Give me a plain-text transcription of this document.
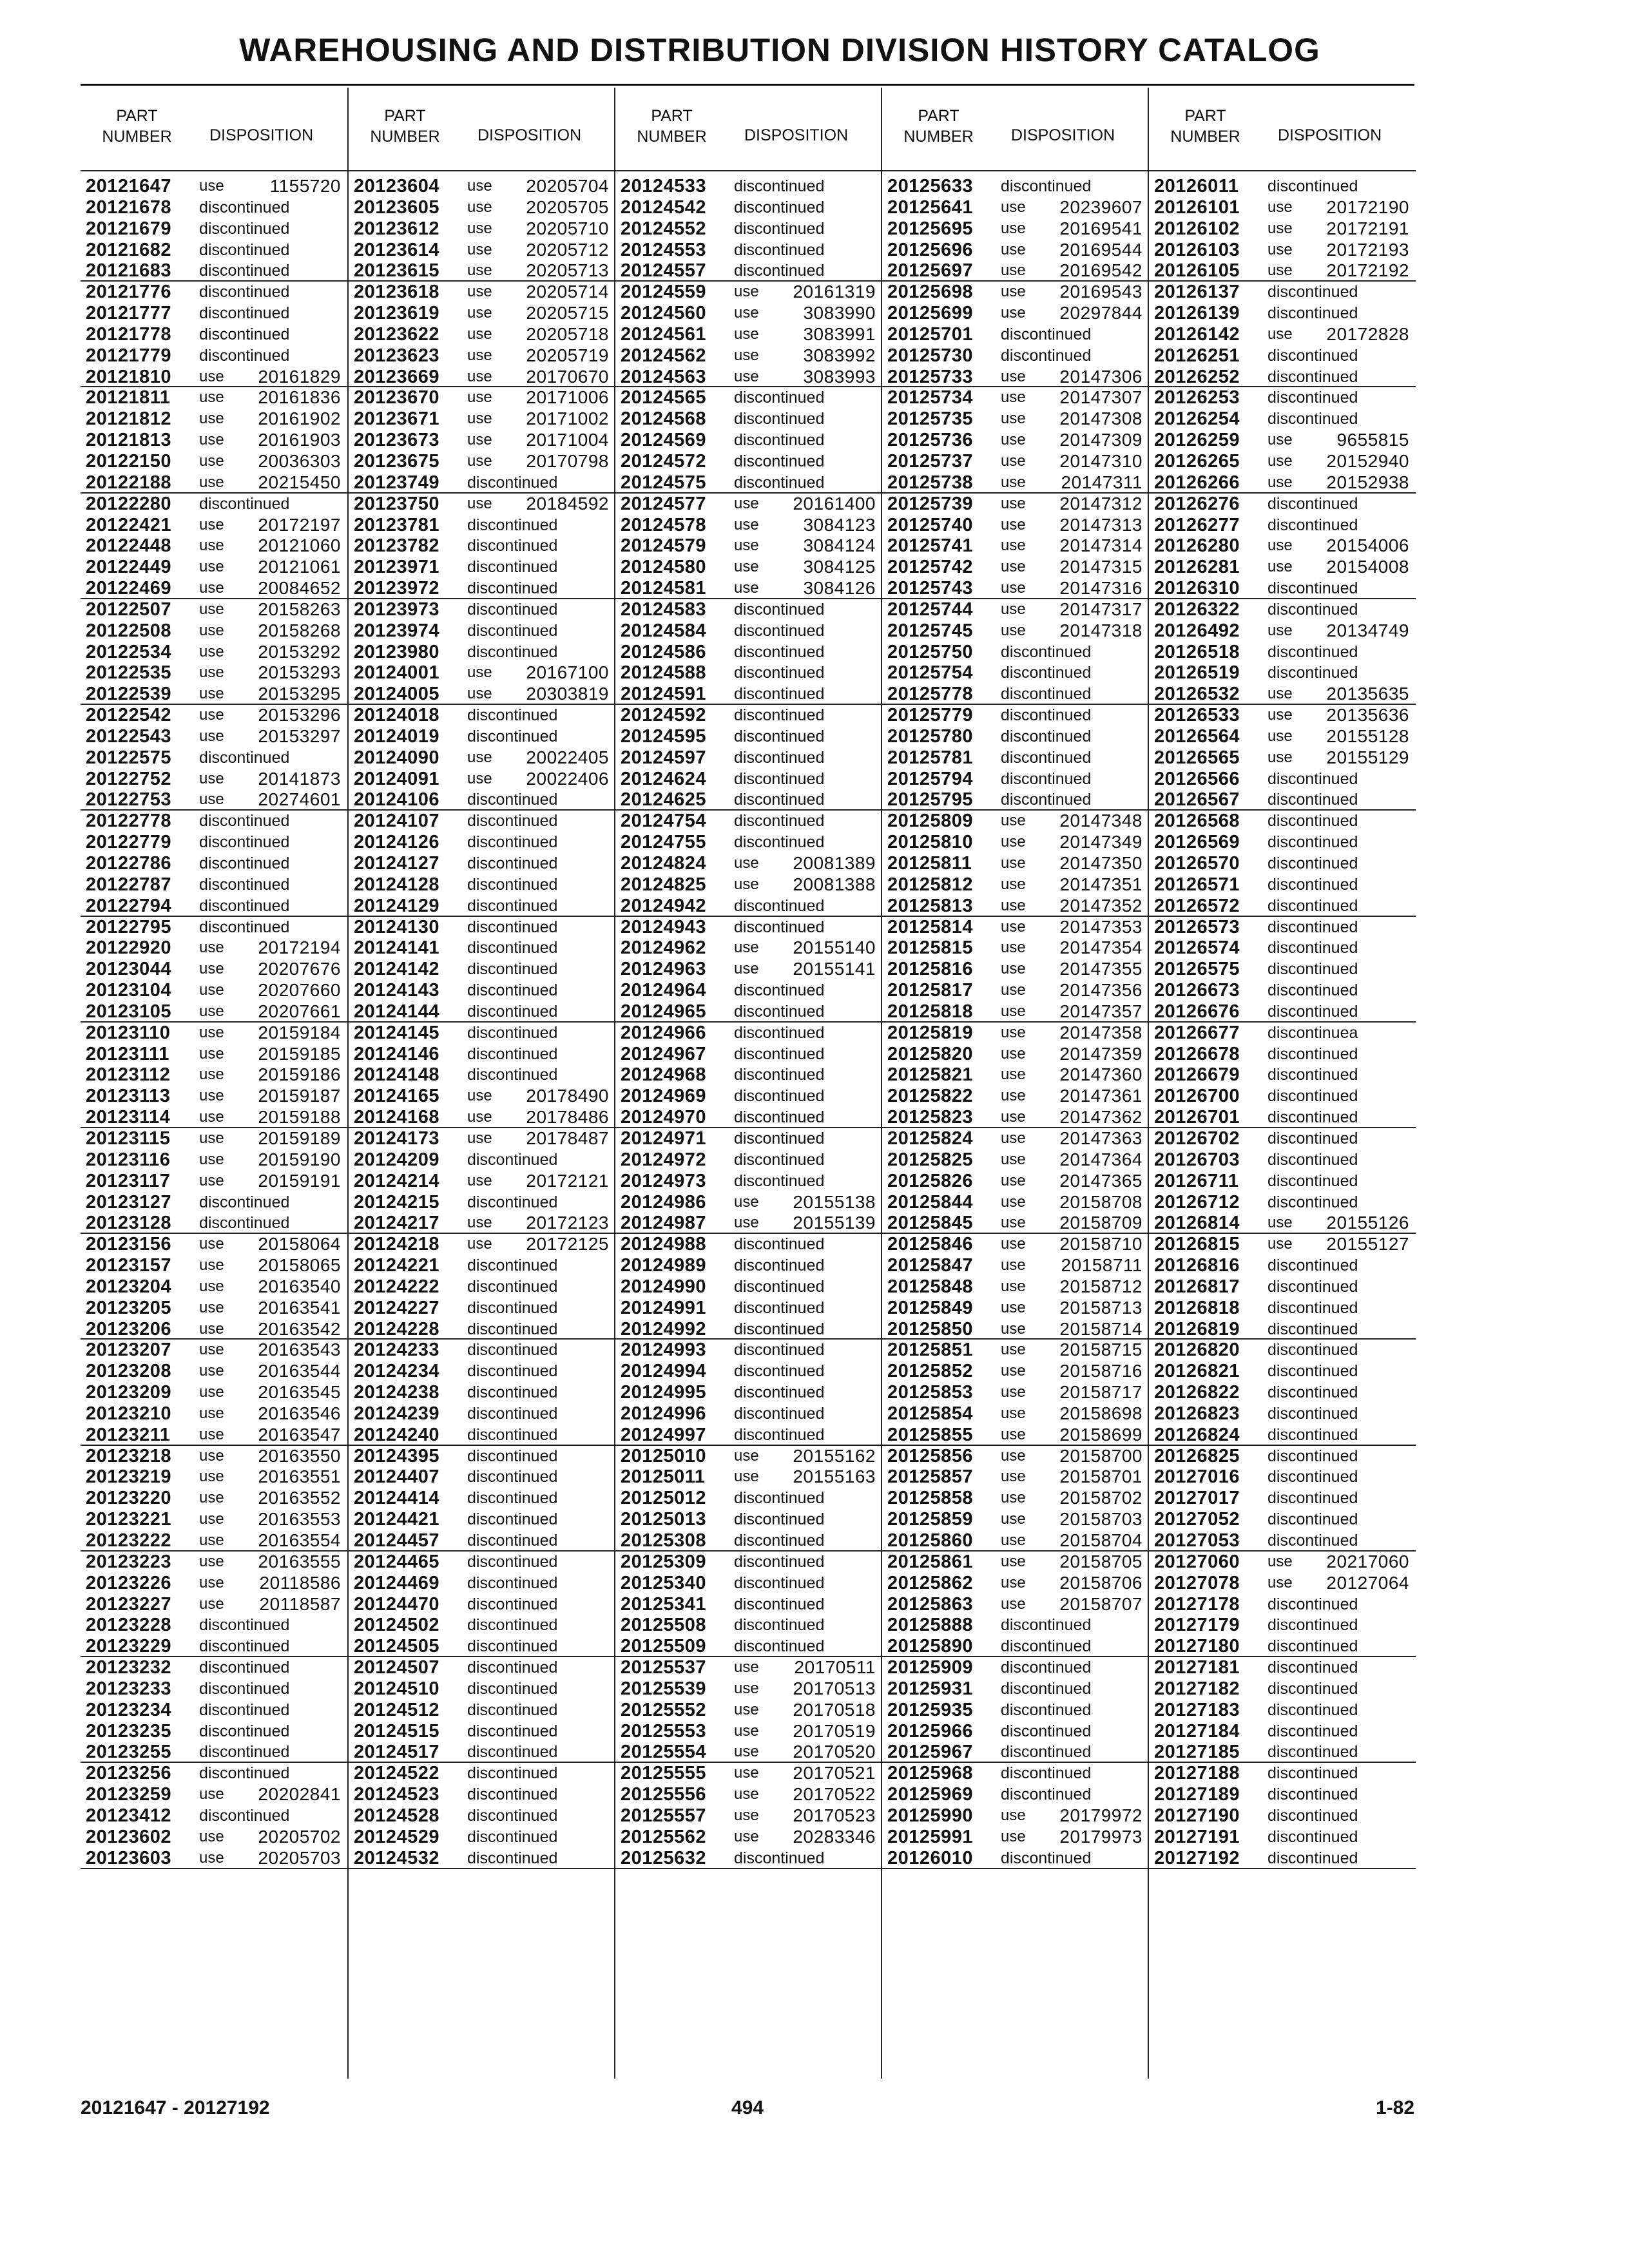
WAREHOUSING AND DISTRIBUTION DIVISION HISTORY CATALOG
PART
NUMBER	DISPOSITION
20121647 use	1155720
20121678 discontinued
20121679 discontinued
20121682 discontinued
20121683 discontinued
20121776 discontinued
20121777 discontinued
20121778 discontinued
20121779 discontinued
20121810 use 20161829
20121811 use 20161836
20121812 use 20161902
20121813 use 20161903
20122150 use 20036303
20122188 use 20215450
20122280 discontinued
20122421 use 20172197
20122448 use 20121060
20122449 use 20121061
20122469 use 20084652
20122507 use 20158263
20122508 use 20158268
20122534 use 20153292
20122535 use 20153293
20122539 use 20153295
20122542 use 20153296
20122543 use 20153297
20122575 discontinued
20122752 use 20141873
20122753 use 20274601
20122778 discontinued
20122779 discontinued
20122786 discontinued
20122787 discontinued
20122794 discontinued
20122795 discontinued
20122920 use 20172194
20123044 use 20207676
20123104 use 20207660
20123105 use 20207661
20123110 use 20159184
20123111 use 20159185
20123112 use 20159186
20123113 use 20159187
20123114 use 20159188
20123115 use 20159189
20123116 use 20159190
20123117 use 20159191
20123127 discontinued
20123128 discontinued
20123156 use 20158064
20123157 use 20158065
20123204 use 20163540
20123205 use 20163541
20123206 use 20163542
20123207 use 20163543
20123208 use 20163544
20123209 use 20163545
20123210 use 20163546
20123211 use 20163547
20123218 use 20163550
20123219 use 20163551
20123220 use 20163552
20123221 use 20163553
20123222 use 20163554
20123223 use 20163555
20123226 use 20118586
20123227 use 20118587
20123228 discontinued
20123229 discontinued
20123232 discontinued
20123233 discontinued
20123234 discontinued
20123235 discontinued
20123255 discontinued
20123256 discontinued
20123259 use 20202841
20123412 discontinued
20123602 use 20205702
20123603 use 20205703
PART
NUMBER	DISPOSITION
20123604 use 20205704
20123605 use 20205705
20123612 use 20205710
20123614 use 20205712
20123615 use 20205713
20123618 use 20205714
20123619 use 20205715
20123622 use 20205718
20123623 use 20205719
20123669 use 20170670
20123670 use 20171006
20123671 use 20171002
20123673 use 20171004
20123675 use 20170798
20123749 discontinued
20123750 use 20184592
20123781 discontinued
20123782 discontinued
20123971 discontinued
20123972 discontinued
20123973 discontinued
20123974 discontinued
20123980 discontinued
20124001 use 20167100
20124005 use 20303819
20124018 discontinued
20124019 discontinued
20124090 use 20022405
20124091 use 20022406
20124106 discontinued
20124107 discontinued
20124126 discontinued
20124127 discontinued
20124128 discontinued
20124129 discontinued
20124130 discontinued
20124141 discontinued
20124142 discontinued
20124143 discontinued
20124144 discontinued
20124145 discontinued
20124146 discontinued
20124148 discontinued
20124165 use 20178490
20124168 use 20178486
20124173 use 20178487
20124209 discontinued
20124214 use 20172121
20124215 discontinued
20124217 use 20172123
20124218 use 20172125
20124221 discontinued
20124222 discontinued
20124227 discontinued
20124228 discontinued
20124233 discontinued
20124234 discontinued
20124238 discontinued
20124239 discontinued
20124240 discontinued
20124395 discontinued
20124407 discontinued
20124414 discontinued
20124421 discontinued
20124457 discontinued
20124465 discontinued
20124469 discontinued
20124470 discontinued
20124502 discontinued
20124505 discontinued
20124507 discontinued
20124510 discontinued
20124512 discontinued
20124515 discontinued
20124517 discontinued
20124522 discontinued
20124523 discontinued
20124528 discontinued
20124529 discontinued
20124532 discontinued
PART
NUMBER	DISPOSITION
20124533 discontinued
20124542 discontinued
20124552 discontinued
20124553 discontinued
20124557 discontinued
20124559 use 20161319
20124560 use 3083990
20124561 use 3083991
20124562 use 3083992
20124563 use 3083993
20124565 discontinued
20124568 discontinued
20124569 discontinued
20124572 discontinued
20124575 discontinued
20124577 use 20161400
20124578 use 3084123
20124579 use 3084124
20124580 use 3084125
20124581 use 3084126
20124583 discontinued
20124584 discontinued
20124586 discontinued
20124588 discontinued
20124591 discontinued
20124592 discontinued
20124595 discontinued
20124597 discontinued
20124624 discontinued
20124625 discontinued
20124754 discontinued
20124755 discontinued
20124824 use 20081389
20124825 use 20081388
20124942 discontinued
20124943 discontinued
20124962 use 20155140
20124963 use 20155141
20124964 discontinued
20124965 discontinued
20124966 discontinued
20124967 discontinued
20124968 discontinued
20124969 discontinued
20124970 discontinued
20124971 discontinued
20124972 discontinued
20124973 discontinued
20124986 use 20155138
20124987 use 20155139
20124988 discontinued
20124989 discontinued
20124990 discontinued
20124991 discontinued
20124992 discontinued
20124993 discontinued
20124994 discontinued
20124995 discontinued
20124996 discontinued
20124997 discontinued
20125010 use 20155162
20125011 use 20155163
20125012 discontinued
20125013 discontinued
20125308 discontinued
20125309 discontinued
20125340 discontinued
20125341 discontinued
20125508 discontinued
20125509 discontinued
20125537 use 20170511
20125539 use 20170513
20125552 use 20170518
20125553 use 20170519
20125554 use 20170520
20125555 use 20170521
20125556 use 20170522
20125557 use 20170523
20125562 use 20283346
20125632 discontinued
PART
NUMBER	DISPOSITION
20125633 discontinued
20125641 use 20239607
20125695 use 20169541
20125696 use 20169544
20125697 use 20169542
20125698 use 20169543
20125699 use 20297844
20125701 discontinued
20125730 discontinued
20125733 use 20147306
20125734 use 20147307
20125735 use 20147308
20125736 use 20147309
20125737 use 20147310
20125738 use 20147311
20125739 use 20147312
20125740 use 20147313
20125741 use 20147314
20125742 use 20147315
20125743 use 20147316
20125744 use 20147317
20125745 use 20147318
20125750 discontinued
20125754 discontinued
20125778 discontinued
20125779 discontinued
20125780 discontinued
20125781 discontinued
20125794 discontinued
20125795 discontinued
20125809 use 20147348
20125810 use 20147349
20125811 use 20147350
20125812 use 20147351
20125813 use 20147352
20125814 use 20147353
20125815 use 20147354
20125816 use 20147355
20125817 use 20147356
20125818 use 20147357
20125819 use 20147358
20125820 use 20147359
20125821 use 20147360
20125822 use 20147361
20125823 use 20147362
20125824 use 20147363
20125825 use 20147364
20125826 use 20147365
20125844 use 20158708
20125845 use 20158709
20125846 use 20158710
20125847 use 20158711
20125848 use 20158712
20125849 use 20158713
20125850 use 20158714
20125851 use 20158715
20125852 use 20158716
20125853 use 20158717
20125854 use 20158698
20125855 use 20158699
20125856 use 20158700
20125857 use 20158701
20125858 use 20158702
20125859 use 20158703
20125860 use 20158704
20125861 use 20158705
20125862 use 20158706
20125863 use 20158707
20125888 discontinued
20125890 discontinued
20125909 discontinued
20125931 discontinued
20125935 discontinued
20125966 discontinued
20125967 discontinued
20125968 discontinued
20125969 discontinued
20125990 use 20179972
20125991 use 20179973
20126010 discontinued
PART
NUMBER	DISPOSITION
20126011 discontinued
20126101 use 20172190
20126102 use 20172191
20126103 use 20172193
20126105 use 20172192
20126137 discontinued
20126139 discontinued
20126142 use 20172828
20126251 discontinued
20126252 discontinued
20126253 discontinued
20126254 discontinued
20126259 use 9655815
20126265 use 20152940
20126266 use 20152938
20126276 discontinued
20126277 discontinued
20126280 use 20154006
20126281 use 20154008
20126310 discontinued
20126322 discontinued
20126492 use 20134749
20126518 discontinued
20126519 discontinued
20126532 use 20135635
20126533 use 20135636
20126564 use 20155128
20126565 use 20155129
20126566 discontinued
20126567 discontinued
20126568 discontinued
20126569 discontinued
20126570 discontinued
20126571 discontinued
20126572 discontinued
20126573 discontinued
20126574 discontinued
20126575 discontinued
20126673 discontinued
20126676 discontinued
20126677 discontinuea
20126678 discontinued
20126679 discontinued
20126700 discontinued
20126701 discontinued
20126702 discontinued
20126703 discontinued
20126711 discontinued
20126712 discontinued
20126814 use 20155126
20126815 use 20155127
20126816 discontinued
20126817 discontinued
20126818 discontinued
20126819 discontinued
20126820 discontinued
20126821 discontinued
20126822 discontinued
20126823 discontinued
20126824 discontinued
20126825 discontinued
20127016 discontinued
20127017 discontinued
20127052 discontinued
20127053 discontinued
20127060 use 20217060
20127078 use 20127064
20127178 discontinued
20127179 discontinued
20127180 discontinued
20127181 discontinued
20127182 discontinued
20127183 discontinued
20127184 discontinued
20127185 discontinued
20127188 discontinued
20127189 discontinued
20127190 discontinued
20127191 discontinued
20127192 discontinued
20121647 - 20127192	494	1-82
